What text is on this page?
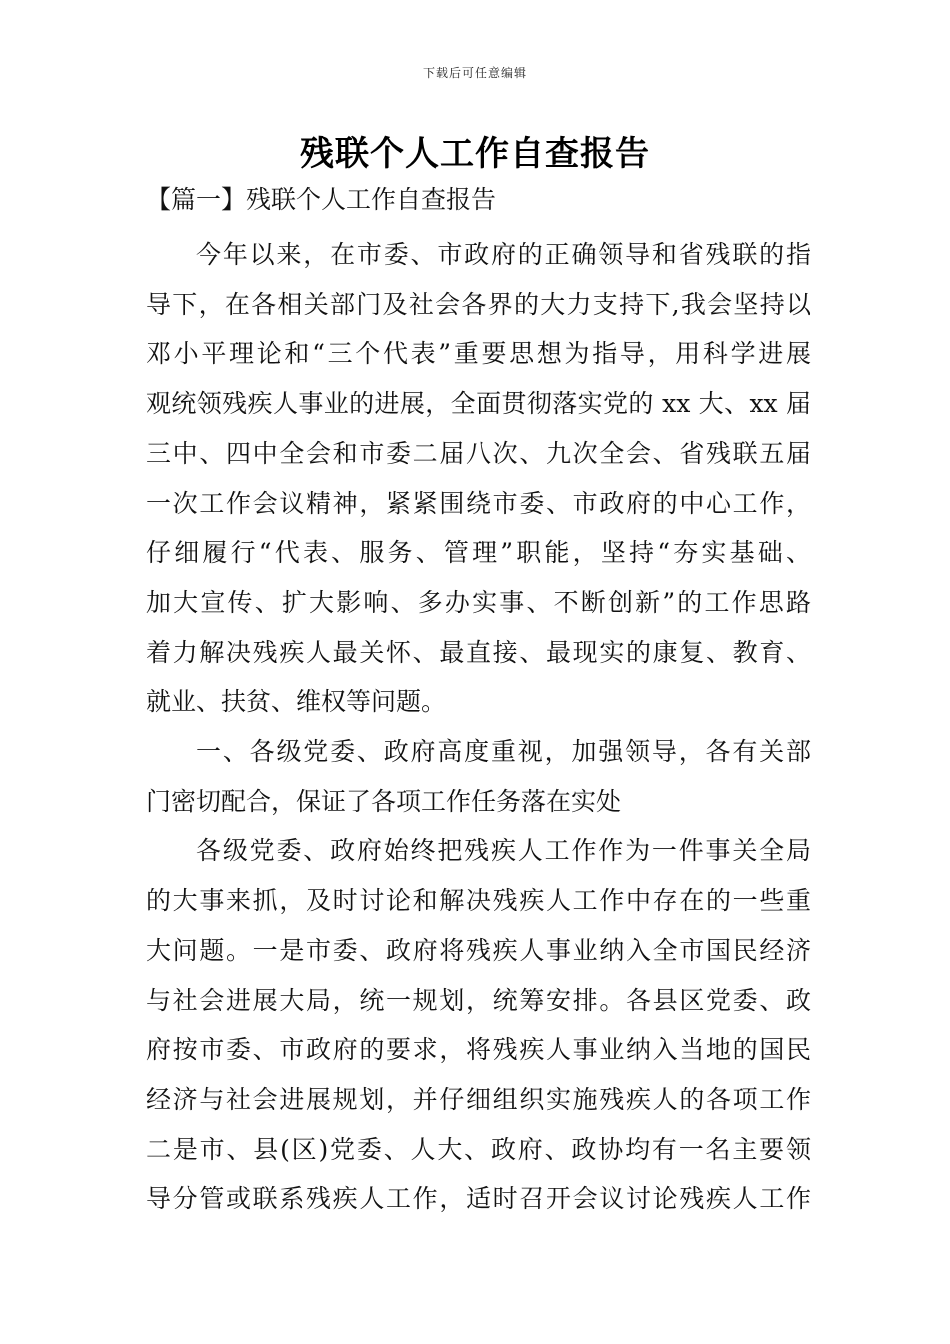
下载后可任意编辑
残联个人工作自查报告
【篇一】残联个人工作自查报告
今年以来，在市委、市政府的正确领导和省残联的指
导下，在各相关部门及社会各界的大力支持下,我会坚持以
邓小平理论和“三个代表”重要思想为指导，用科学进展
观统领残疾人事业的进展，全面贯彻落实党的 xx 大、xx 届
三中、四中全会和市委二届八次、九次全会、省残联五届
一次工作会议精神，紧紧围绕市委、市政府的中心工作，
仔细履行“代表、服务、管理”职能，坚持“夯实基础、
加大宣传、扩大影响、多办实事、不断创新”的工作思路
着力解决残疾人最关怀、最直接、最现实的康复、教育、
就业、扶贫、维权等问题。
一、各级党委、政府高度重视，加强领导，各有关部
门密切配合，保证了各项工作任务落在实处
各级党委、政府始终把残疾人工作作为一件事关全局
的大事来抓，及时讨论和解决残疾人工作中存在的一些重
大问题。一是市委、政府将残疾人事业纳入全市国民经济
与社会进展大局，统一规划，统筹安排。各县区党委、政
府按市委、市政府的要求，将残疾人事业纳入当地的国民
经济与社会进展规划，并仔细组织实施残疾人的各项工作
二是市、县(区)党委、人大、政府、政协均有一名主要领
导分管或联系残疾人工作，适时召开会议讨论残疾人工作
